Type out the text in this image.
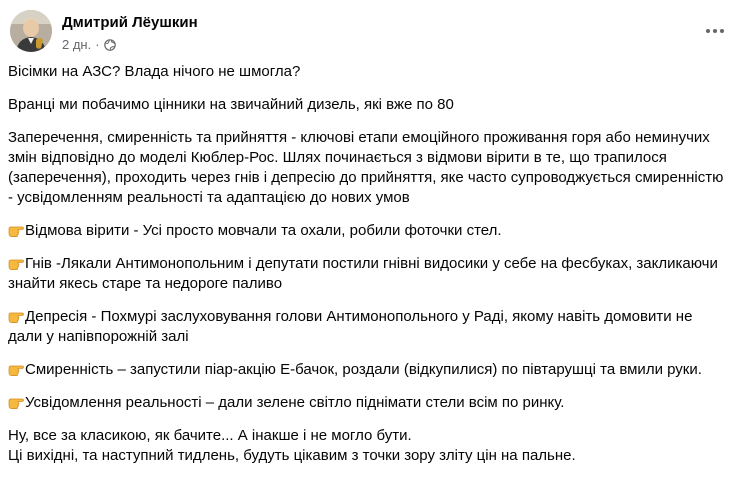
Дмитрий Лёушкин
2 дн. ·

Вісімки на АЗС? Влада нічого не шмогла?

Вранці ми побачимо цінники на звичайний дизель, які вже по 80

Заперечення, смиренність та прийняття - ключові етапи емоційного проживання горя або неминучих змін відповідно до моделі Кюблер-Рос. Шлях починається з відмови вірити в те, що трапилося (заперечення), проходить через гнів і депресію до прийняття, яке часто супроводжується смиренністю - усвідомленням реальності та адаптацією до нових умов

Відмова вірити - Усі просто мовчали та охали, робили фоточки стел.

Гнів -Лякали Антимонопольним і депутати постили гнівні видосики у себе на фесбуках, закликаючи знайти якесь старе та недороге паливо

Депресія - Похмурі заслуховування голови Антимонопольного у Раді, якому навіть домовити не дали у напівпорожній залі

Смиренність – запустили піар-акцію Е-бачок, роздали (відкупилися) по півтарушці та вмили руки.

Усвідомлення реальності – дали зелене світло піднімати стели всім по ринку.

Ну, все за класикою, як бачите... А інакше і не могло бути.

Ці вихідні, та наступний тидлень, будуть цікавим з точки зору зліту цін на пальне.
